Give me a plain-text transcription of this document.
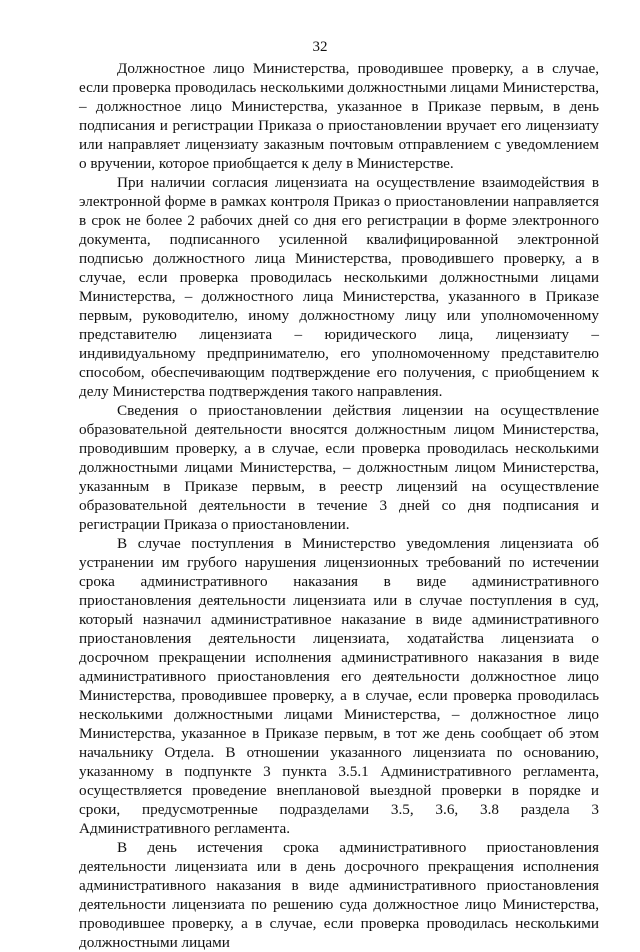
32

Должностное лицо Министерства, проводившее проверку, а в случае, если проверка проводилась несколькими должностными лицами Министерства, – должностное лицо Министерства, указанное в Приказе первым, в день подписания и регистрации Приказа о приостановлении вручает его лицензиату или направляет лицензиату заказным почтовым отправлением с уведомлением о вручении, которое приобщается к делу в Министерстве.

При наличии согласия лицензиата на осуществление взаимодействия в электронной форме в рамках контроля Приказ о приостановлении направляется в срок не более 2 рабочих дней со дня его регистрации в форме электронного документа, подписанного усиленной квалифицированной электронной подписью должностного лица Министерства, проводившего проверку, а в случае, если проверка проводилась несколькими должностными лицами Министерства, – должностного лица Министерства, указанного в Приказе первым, руководителю, иному должностному лицу или уполномоченному представителю лицензиата – юридического лица, лицензиату – индивидуальному предпринимателю, его уполномоченному представителю способом, обеспечивающим подтверждение его получения, с приобщением к делу Министерства подтверждения такого направления.

Сведения о приостановлении действия лицензии на осуществление образовательной деятельности вносятся должностным лицом Министерства, проводившим проверку, а в случае, если проверка проводилась несколькими должностными лицами Министерства, – должностным лицом Министерства, указанным в Приказе первым, в реестр лицензий на осуществление образовательной деятельности в течение 3 дней со дня подписания и регистрации Приказа о приостановлении.

В случае поступления в Министерство уведомления лицензиата об устранении им грубого нарушения лицензионных требований по истечении срока административного наказания в виде административного приостановления деятельности лицензиата или в случае поступления в суд, который назначил административное наказание в виде административного приостановления деятельности лицензиата, ходатайства лицензиата о досрочном прекращении исполнения административного наказания в виде административного приостановления его деятельности должностное лицо Министерства, проводившее проверку, а в случае, если проверка проводилась несколькими должностными лицами Министерства, – должностное лицо Министерства, указанное в Приказе первым, в тот же день сообщает об этом начальнику Отдела. В отношении указанного лицензиата по основанию, указанному в подпункте 3 пункта 3.5.1 Административного регламента, осуществляется проведение внеплановой выездной проверки в порядке и сроки, предусмотренные подразделами 3.5, 3.6, 3.8 раздела 3 Административного регламента.

В день истечения срока административного приостановления деятельности лицензиата или в день досрочного прекращения исполнения административного наказания в виде административного приостановления деятельности лицензиата по решению суда должностное лицо Министерства, проводившее проверку, а в случае, если проверка проводилась несколькими должностными лицами
